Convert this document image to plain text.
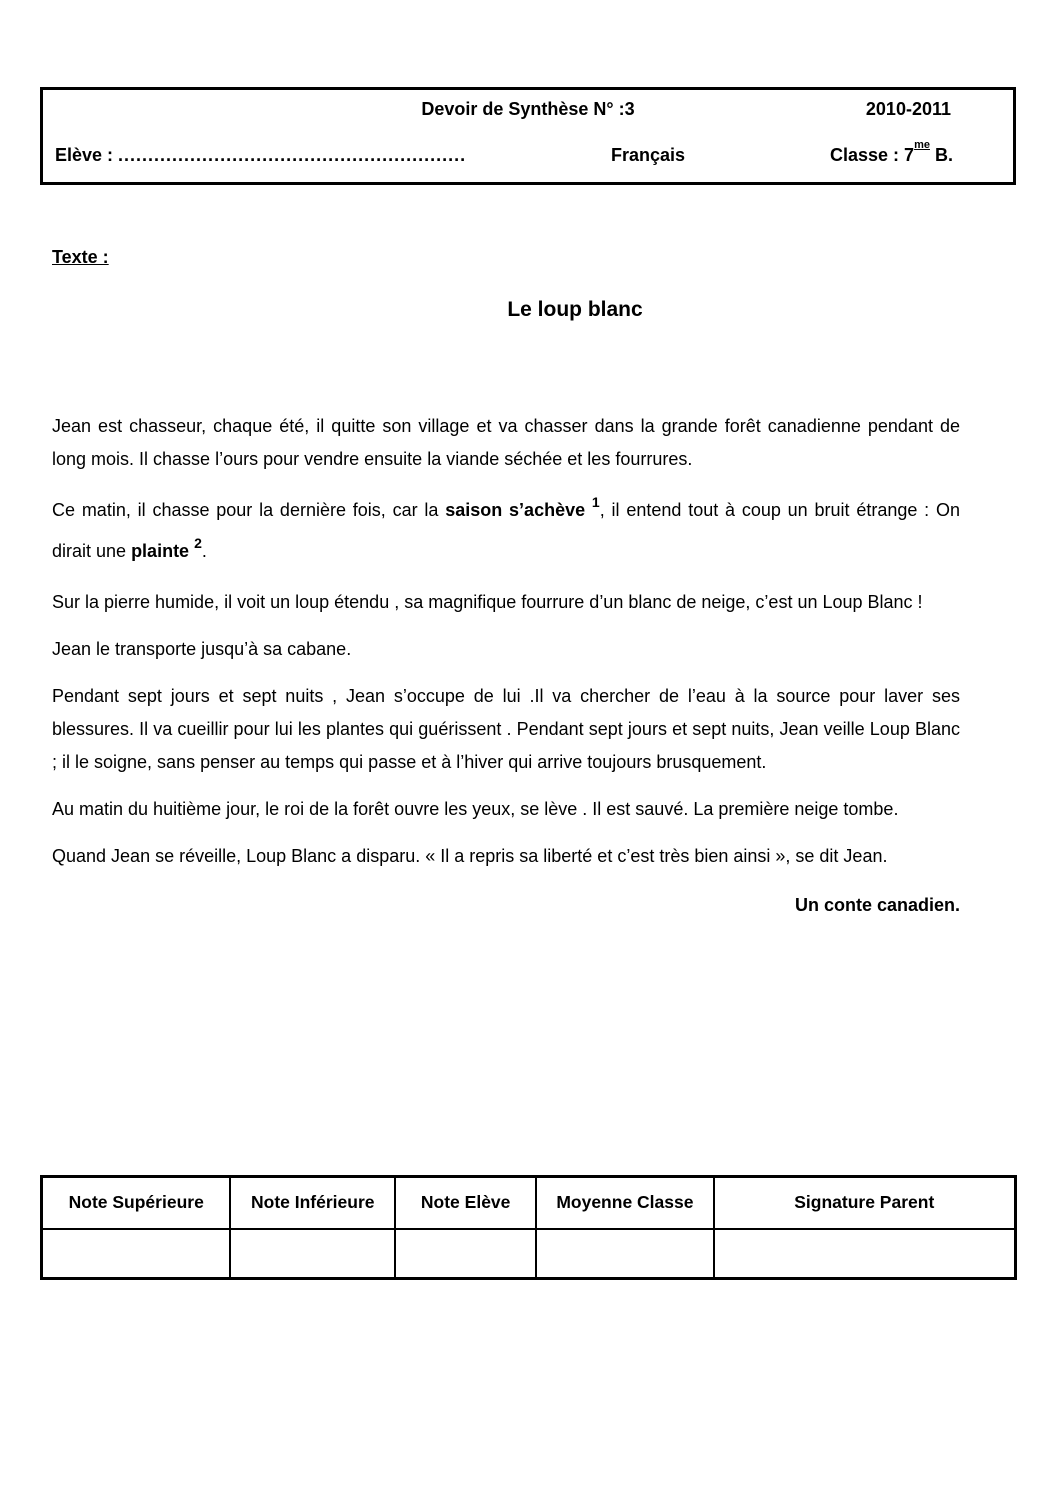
Devoir de Synthèse N° :3	2010-2011
Elève : ..........................................................	Français	Classe : $7^{me}$ B.
Texte :
Le loup blanc

Jean est chasseur, chaque été, il quitte son village et va chasser dans la grande forêt canadienne pendant de long mois. Il chasse l’ours pour vendre ensuite la viande séchée et les fourrures.

Ce matin, il chasse pour la dernière fois, car la saison s’achève $^1$, il entend tout à coup un bruit étrange : On dirait une plainte $^2$.

Sur la pierre humide, il voit un loup étendu , sa magnifique fourrure d’un blanc de neige, c’est un Loup Blanc !

Jean le transporte jusqu’à sa cabane.

Pendant sept jours et sept nuits , Jean s’occupe de lui .Il va chercher de l’eau à la source pour laver ses blessures. Il va cueillir pour lui les plantes qui guérissent . Pendant sept jours et sept nuits, Jean veille Loup Blanc ; il le soigne, sans penser au temps qui passe et à l’hiver qui arrive toujours brusquement.

Au matin du huitième jour, le roi de la forêt ouvre les yeux, se lève . Il est sauvé. La première neige tombe.

Quand Jean se réveille, Loup Blanc a disparu. « Il a repris sa liberté et c’est très bien ainsi », se dit Jean.

Un conte canadien.

Note Supérieure	Note Inférieure	Note Elève	Moyenne Classe	Signature Parent
